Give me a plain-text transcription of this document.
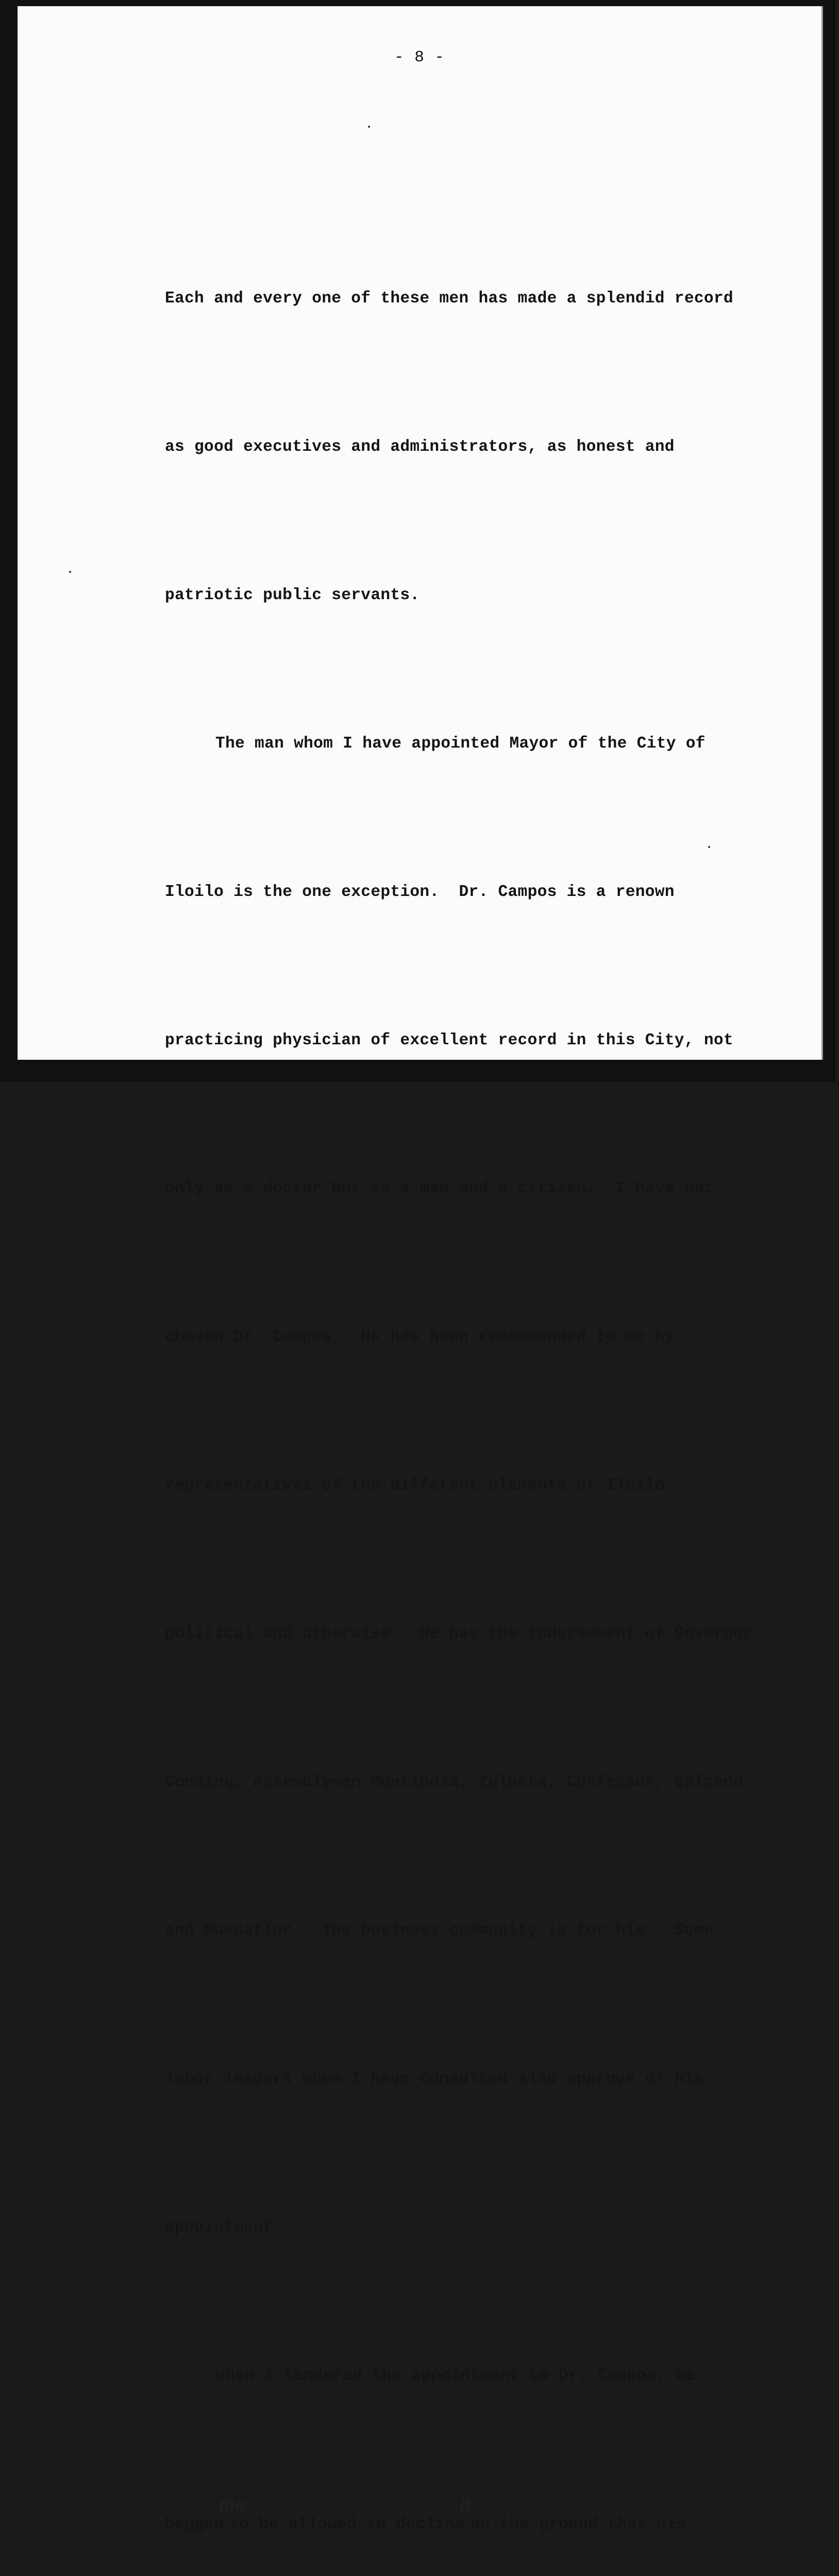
- 8 -

Each and every one of these men has made a splendid record

as good executives and administrators, as honest and

patriotic public servants.

The man whom I have appointed Mayor of the City of

Iloilo is the one exception.  Dr. Campos is a renown

practicing physician of excellent record in this City, not

only as a doctor but as a man and a citizen.  I have not

chosen Dr. Campos.  He has been recommended to me by

representatives of the different elements of Iloilo -

political and otherwise.  He has the indorsement of Governor

Consing, Assemblymen Montinola, Zulueta, Confessor, Salcedo

and Buenaflor.  The business community is for him.  Some

labor leaders whom I have consulted also approve of his

appointment.

When I tendered the appointment to Dr. Campos, he

begged
me
$_‸$to be allowed to decline
it
$_‸$on the ground that his
